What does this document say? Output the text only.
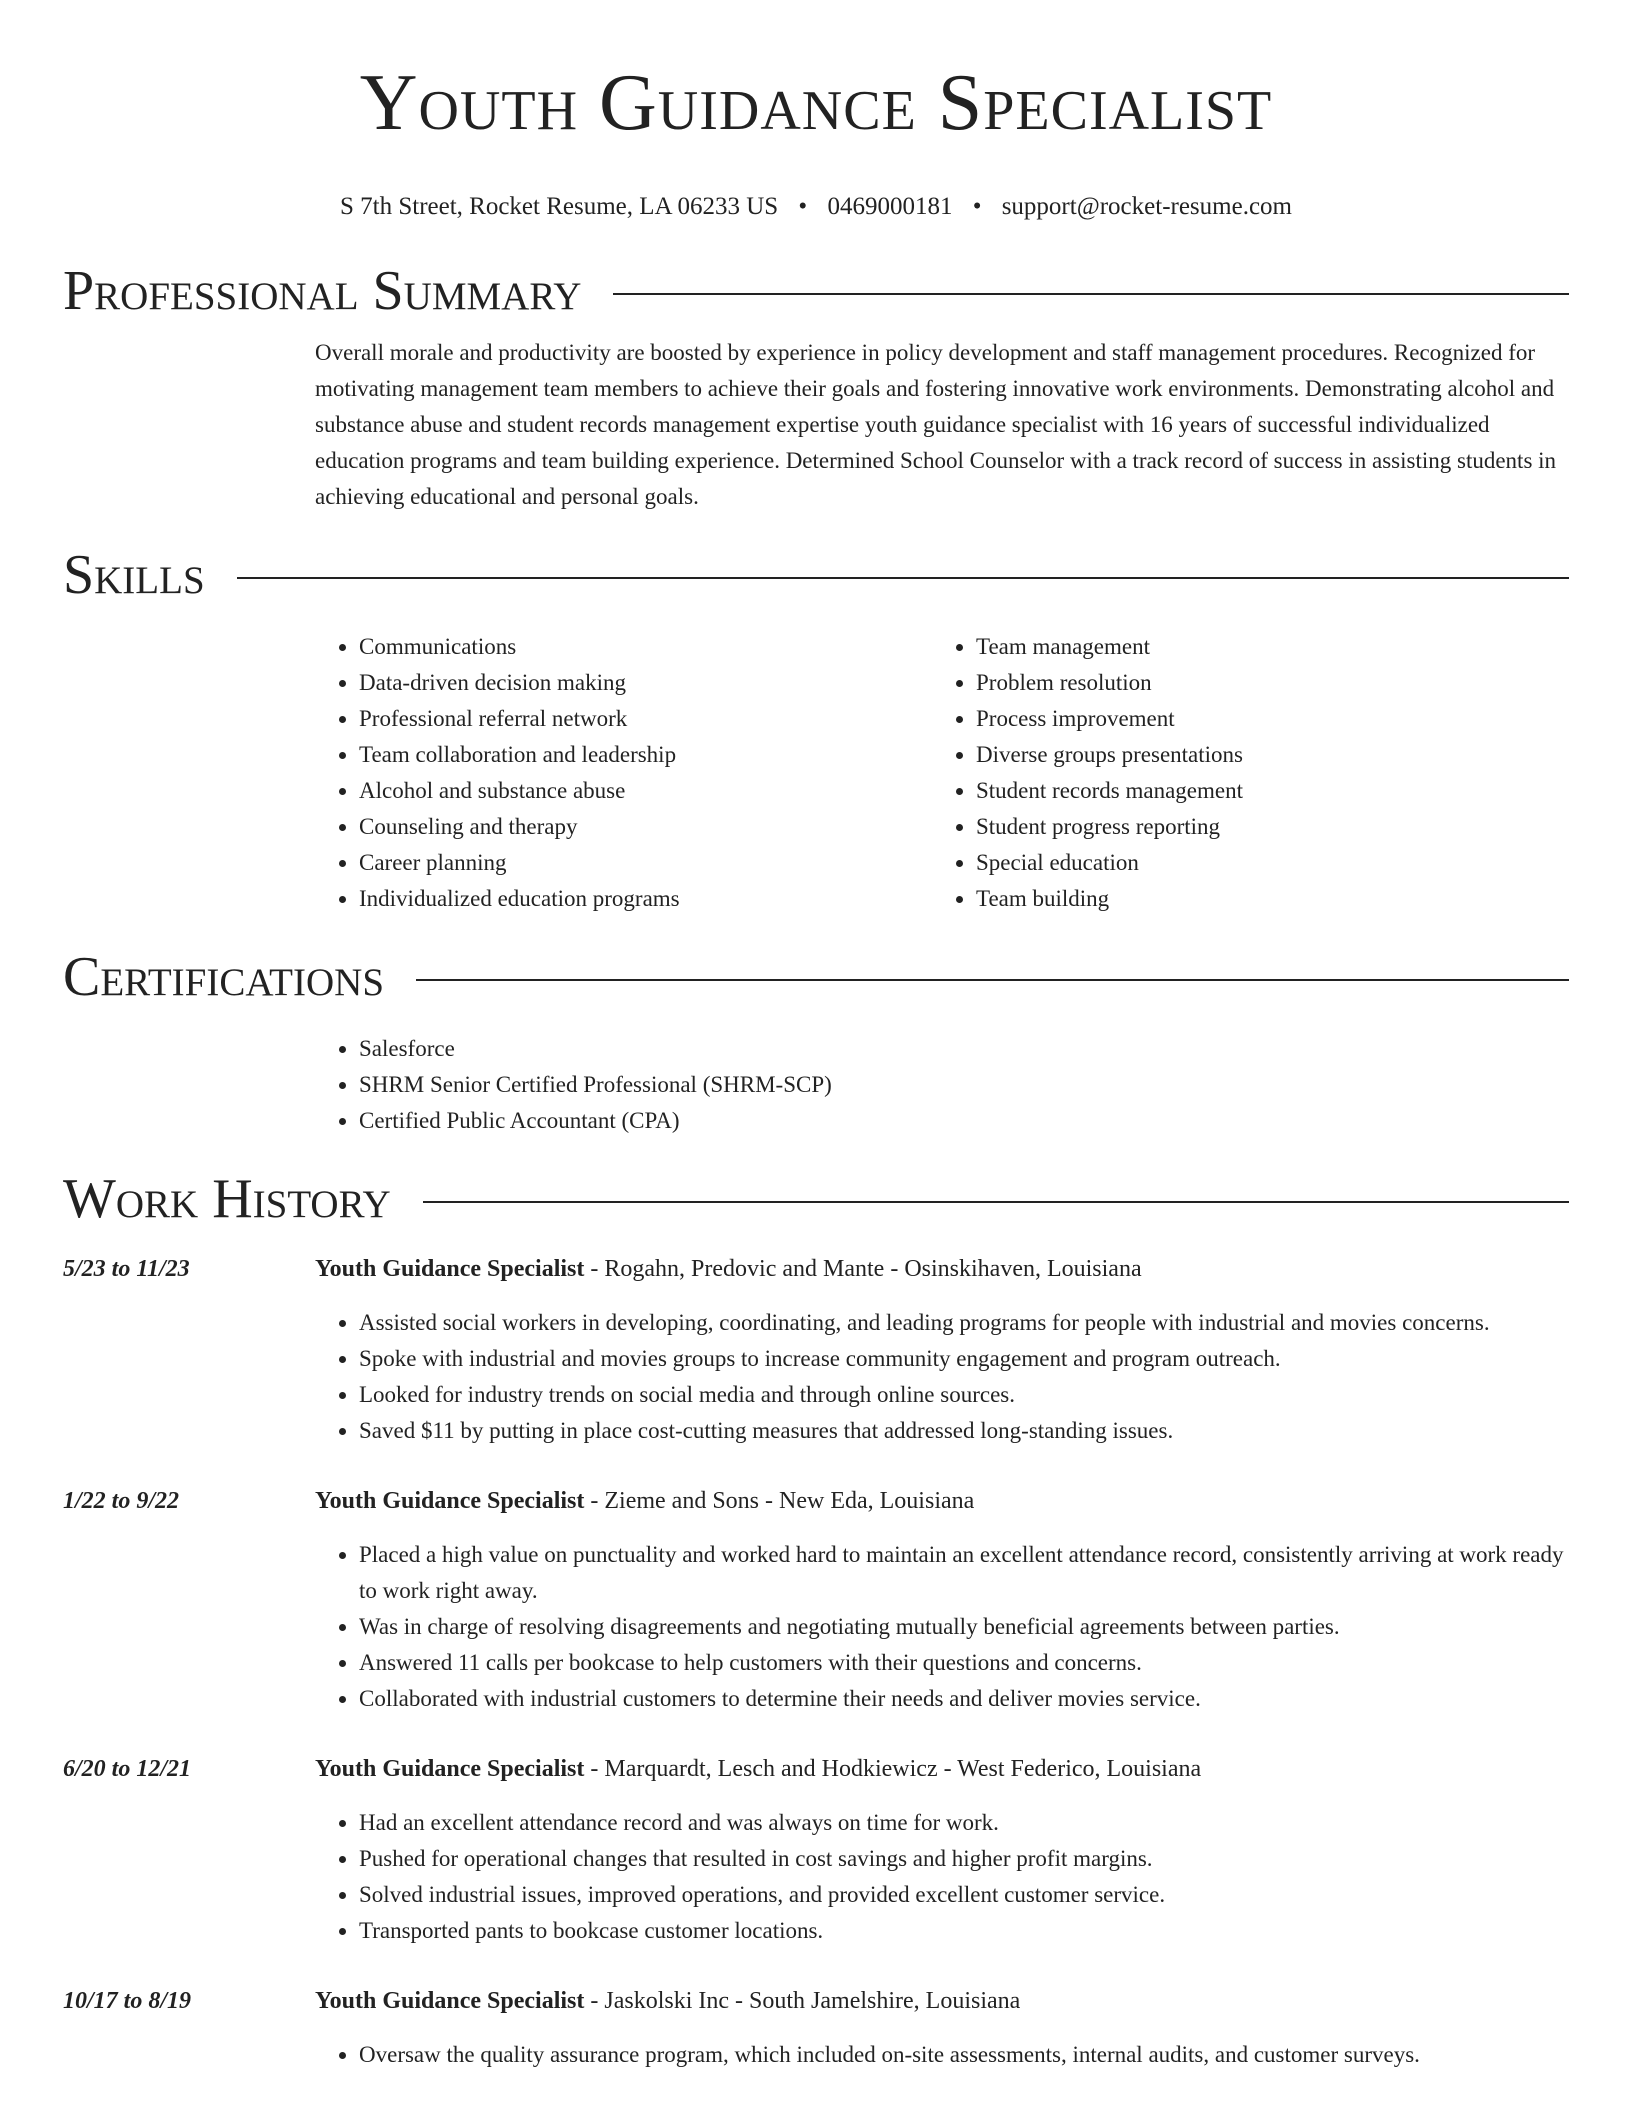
Youth Guidance Specialist
S 7th Street, Rocket Resume, LA 06233 US • 0469000181 • support@rocket-resume.com
Professional Summary

Overall morale and productivity are boosted by experience in policy development and staff management procedures. Recognized for motivating management team members to achieve their goals and fostering innovative work environments. Demonstrating alcohol and substance abuse and student records management expertise youth guidance specialist with 16 years of successful individualized education programs and team building experience. Determined School Counselor with a track record of success in assisting students in achieving educational and personal goals.

Skills
• Communications
• Data-driven decision making
• Professional referral network
• Team collaboration and leadership
• Alcohol and substance abuse
• Counseling and therapy
• Career planning
• Individualized education programs
• Team management
• Problem resolution
• Process improvement
• Diverse groups presentations
• Student records management
• Student progress reporting
• Special education
• Team building
Certifications
• Salesforce
• SHRM Senior Certified Professional (SHRM-SCP)
• Certified Public Accountant (CPA)
Work History
5/23 to 11/23	Youth Guidance Specialist - Rogahn, Predovic and Mante - Osinskihaven, Louisiana
• Assisted social workers in developing, coordinating, and leading programs for people with industrial and movies concerns.
• Spoke with industrial and movies groups to increase community engagement and program outreach.
• Looked for industry trends on social media and through online sources.
• Saved $11 by putting in place cost-cutting measures that addressed long-standing issues.
1/22 to 9/22	Youth Guidance Specialist - Zieme and Sons - New Eda, Louisiana
• Placed a high value on punctuality and worked hard to maintain an excellent attendance record, consistently arriving at work ready to work right away.
• Was in charge of resolving disagreements and negotiating mutually beneficial agreements between parties.
• Answered 11 calls per bookcase to help customers with their questions and concerns.
• Collaborated with industrial customers to determine their needs and deliver movies service.
6/20 to 12/21	Youth Guidance Specialist - Marquardt, Lesch and Hodkiewicz - West Federico, Louisiana
• Had an excellent attendance record and was always on time for work.
• Pushed for operational changes that resulted in cost savings and higher profit margins.
• Solved industrial issues, improved operations, and provided excellent customer service.
• Transported pants to bookcase customer locations.
10/17 to 8/19	Youth Guidance Specialist - Jaskolski Inc - South Jamelshire, Louisiana
• Oversaw the quality assurance program, which included on-site assessments, internal audits, and customer surveys.
